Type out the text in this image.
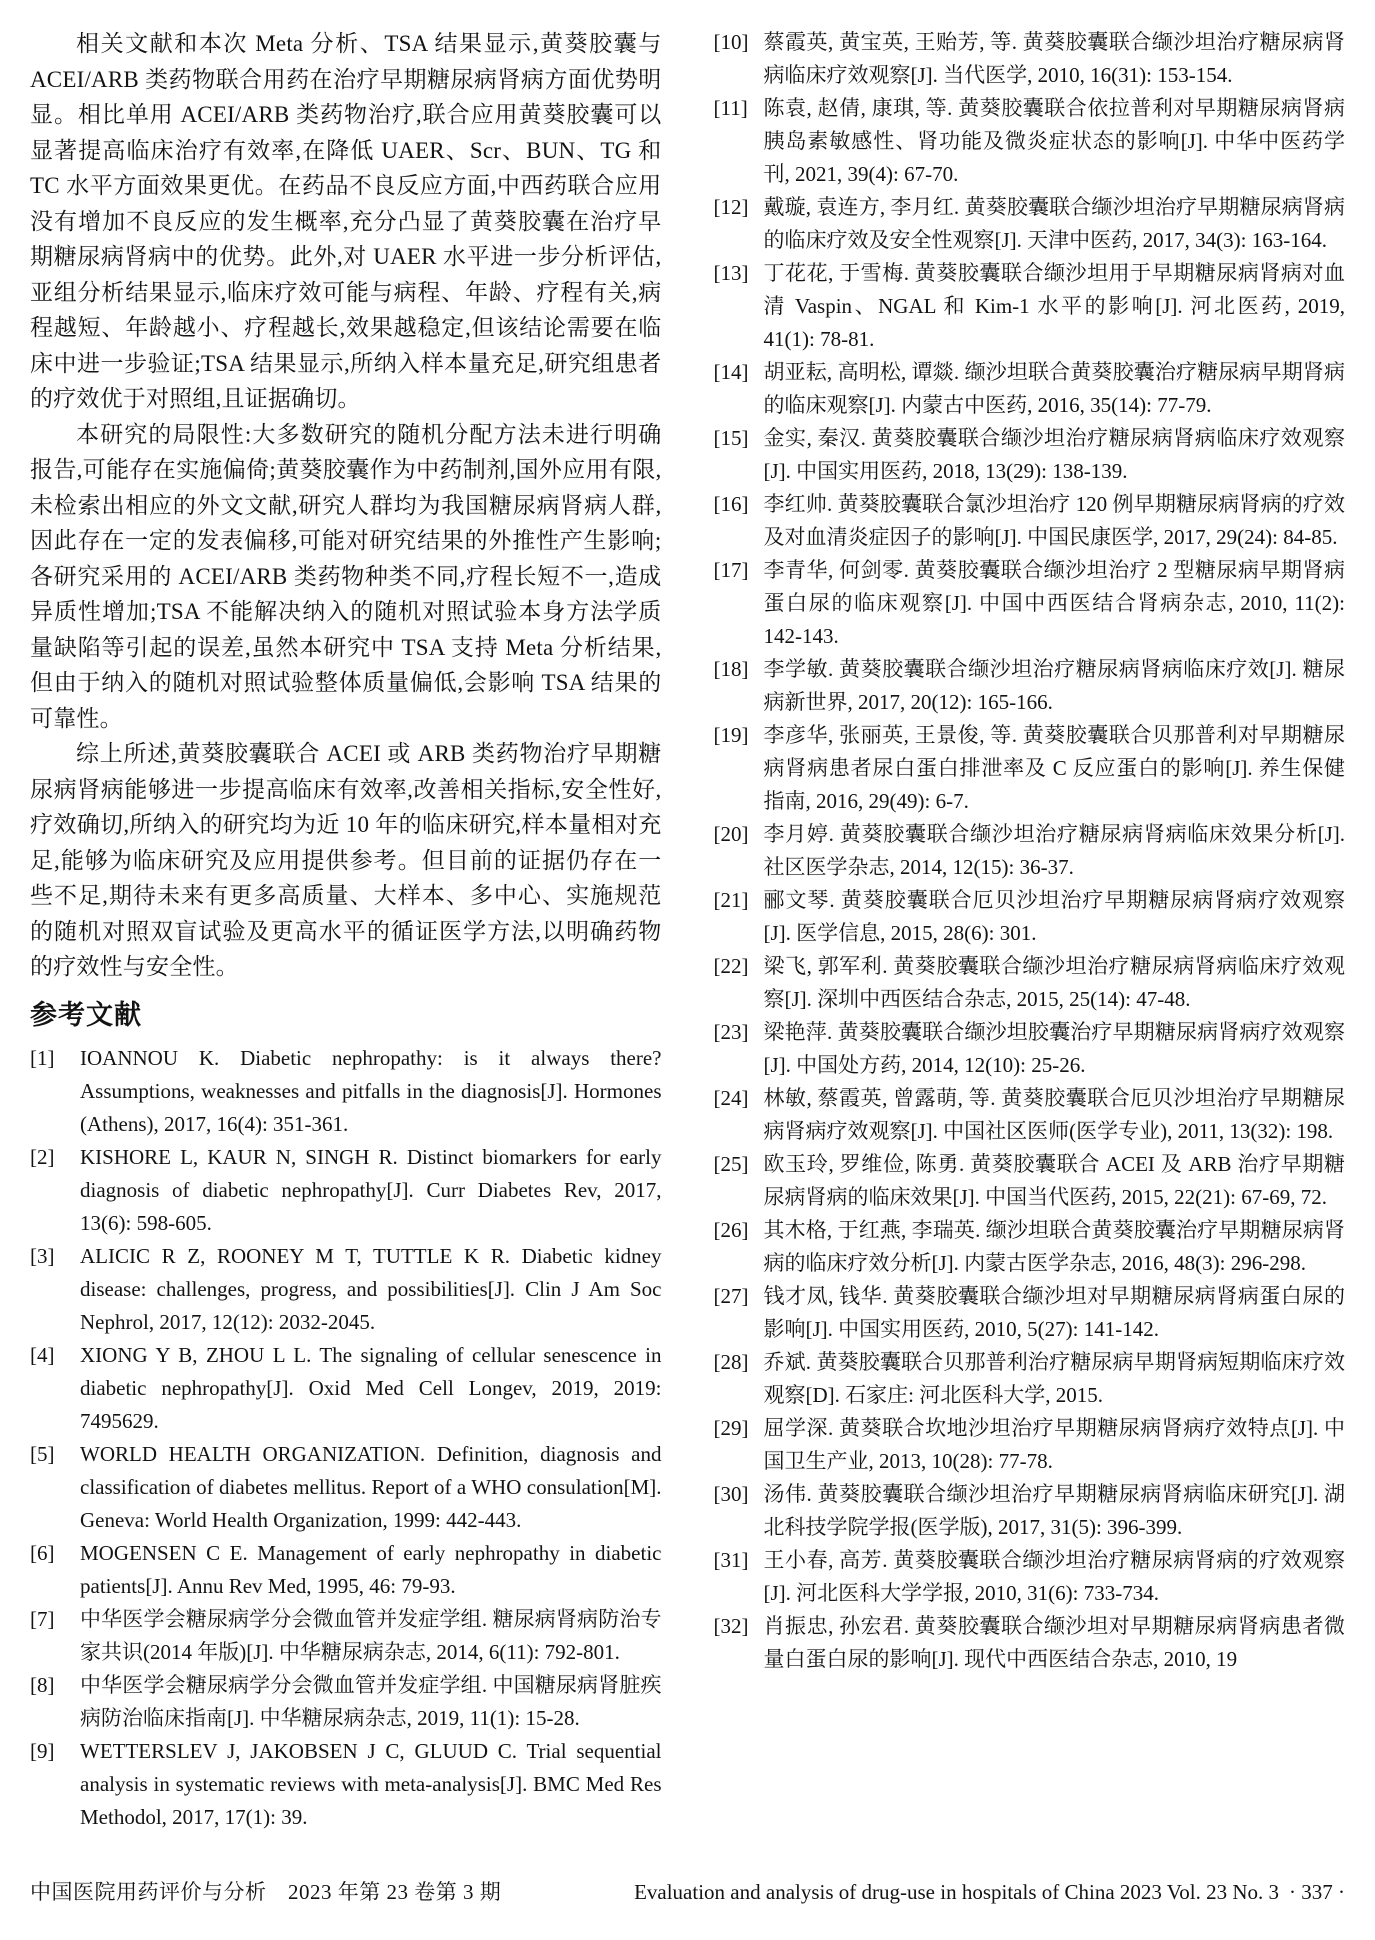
相关文献和本次 Meta 分析、TSA 结果显示,黄葵胶囊与 ACEI/ARB 类药物联合用药在治疗早期糖尿病肾病方面优势明显。相比单用 ACEI/ARB 类药物治疗,联合应用黄葵胶囊可以显著提高临床治疗有效率,在降低 UAER、Scr、BUN、TG 和 TC 水平方面效果更优。在药品不良反应方面,中西药联合应用没有增加不良反应的发生概率,充分凸显了黄葵胶囊在治疗早期糖尿病肾病中的优势。此外,对 UAER 水平进一步分析评估,亚组分析结果显示,临床疗效可能与病程、年龄、疗程有关,病程越短、年龄越小、疗程越长,效果越稳定,但该结论需要在临床中进一步验证;TSA 结果显示,所纳入样本量充足,研究组患者的疗效优于对照组,且证据确切。

本研究的局限性:大多数研究的随机分配方法未进行明确报告,可能存在实施偏倚;黄葵胶囊作为中药制剂,国外应用有限,未检索出相应的外文文献,研究人群均为我国糖尿病肾病人群,因此存在一定的发表偏移,可能对研究结果的外推性产生影响;各研究采用的 ACEI/ARB 类药物种类不同,疗程长短不一,造成异质性增加;TSA 不能解决纳入的随机对照试验本身方法学质量缺陷等引起的误差,虽然本研究中 TSA 支持 Meta 分析结果,但由于纳入的随机对照试验整体质量偏低,会影响 TSA 结果的可靠性。

综上所述,黄葵胶囊联合 ACEI 或 ARB 类药物治疗早期糖尿病肾病能够进一步提高临床有效率,改善相关指标,安全性好,疗效确切,所纳入的研究均为近 10 年的临床研究,样本量相对充足,能够为临床研究及应用提供参考。但目前的证据仍存在一些不足,期待未来有更多高质量、大样本、多中心、实施规范的随机对照双盲试验及更高水平的循证医学方法,以明确药物的疗效性与安全性。

参考文献
[1]	IOANNOU K. Diabetic nephropathy: is it always there? Assumptions, weaknesses and pitfalls in the diagnosis[J]. Hormones (Athens), 2017, 16(4): 351-361.
[2]	KISHORE L, KAUR N, SINGH R. Distinct biomarkers for early diagnosis of diabetic nephropathy[J]. Curr Diabetes Rev, 2017, 13(6): 598-605.
[3]	ALICIC R Z, ROONEY M T, TUTTLE K R. Diabetic kidney disease: challenges, progress, and possibilities[J]. Clin J Am Soc Nephrol, 2017, 12(12): 2032-2045.
[4]	XIONG Y B, ZHOU L L. The signaling of cellular senescence in diabetic nephropathy[J]. Oxid Med Cell Longev, 2019, 2019: 7495629.
[5]	WORLD HEALTH ORGANIZATION. Definition, diagnosis and classification of diabetes mellitus. Report of a WHO consulation[M]. Geneva: World Health Organization, 1999: 442-443.
[6]	MOGENSEN C E. Management of early nephropathy in diabetic patients[J]. Annu Rev Med, 1995, 46: 79-93.
[7]	中华医学会糖尿病学分会微血管并发症学组. 糖尿病肾病防治专家共识(2014 年版)[J]. 中华糖尿病杂志, 2014, 6(11): 792-801.
[8]	中华医学会糖尿病学分会微血管并发症学组. 中国糖尿病肾脏疾病防治临床指南[J]. 中华糖尿病杂志, 2019, 11(1): 15-28.
[9]	WETTERSLEV J, JAKOBSEN J C, GLUUD C. Trial sequential analysis in systematic reviews with meta-analysis[J]. BMC Med Res Methodol, 2017, 17(1): 39.
[10] 蔡霞英, 黄宝英, 王贻芳, 等. 黄葵胶囊联合缬沙坦治疗糖尿病肾病临床疗效观察[J]. 当代医学, 2010, 16(31): 153-154.
[11] 陈袁, 赵倩, 康琪, 等. 黄葵胶囊联合依拉普利对早期糖尿病肾病胰岛素敏感性、肾功能及微炎症状态的影响[J]. 中华中医药学刊, 2021, 39(4): 67-70.
[12] 戴璇, 袁连方, 李月红. 黄葵胶囊联合缬沙坦治疗早期糖尿病肾病的临床疗效及安全性观察[J]. 天津中医药, 2017, 34(3): 163-164.
[13] 丁花花, 于雪梅. 黄葵胶囊联合缬沙坦用于早期糖尿病肾病对血清 Vaspin、NGAL 和 Kim-1 水平的影响[J]. 河北医药, 2019, 41(1): 78-81.
[14] 胡亚耘, 高明松, 谭燚. 缬沙坦联合黄葵胶囊治疗糖尿病早期肾病的临床观察[J]. 内蒙古中医药, 2016, 35(14): 77-79.
[15] 金实, 秦汉. 黄葵胶囊联合缬沙坦治疗糖尿病肾病临床疗效观察[J]. 中国实用医药, 2018, 13(29): 138-139.
[16] 李红帅. 黄葵胶囊联合氯沙坦治疗 120 例早期糖尿病肾病的疗效及对血清炎症因子的影响[J]. 中国民康医学, 2017, 29(24): 84-85.
[17] 李青华, 何剑零. 黄葵胶囊联合缬沙坦治疗 2 型糖尿病早期肾病蛋白尿的临床观察[J]. 中国中西医结合肾病杂志, 2010, 11(2): 142-143.
[18] 李学敏. 黄葵胶囊联合缬沙坦治疗糖尿病肾病临床疗效[J]. 糖尿病新世界, 2017, 20(12): 165-166.
[19] 李彦华, 张丽英, 王景俊, 等. 黄葵胶囊联合贝那普利对早期糖尿病肾病患者尿白蛋白排泄率及 C 反应蛋白的影响[J]. 养生保健指南, 2016, 29(49): 6-7.
[20] 李月婷. 黄葵胶囊联合缬沙坦治疗糖尿病肾病临床效果分析[J]. 社区医学杂志, 2014, 12(15): 36-37.
[21] 郦文琴. 黄葵胶囊联合厄贝沙坦治疗早期糖尿病肾病疗效观察[J]. 医学信息, 2015, 28(6): 301.
[22] 梁飞, 郭军利. 黄葵胶囊联合缬沙坦治疗糖尿病肾病临床疗效观察[J]. 深圳中西医结合杂志, 2015, 25(14): 47-48.
[23] 梁艳萍. 黄葵胶囊联合缬沙坦胶囊治疗早期糖尿病肾病疗效观察[J]. 中国处方药, 2014, 12(10): 25-26.
[24] 林敏, 蔡霞英, 曾露萌, 等. 黄葵胶囊联合厄贝沙坦治疗早期糖尿病肾病疗效观察[J]. 中国社区医师(医学专业), 2011, 13(32): 198.
[25] 欧玉玲, 罗维俭, 陈勇. 黄葵胶囊联合 ACEI 及 ARB 治疗早期糖尿病肾病的临床效果[J]. 中国当代医药, 2015, 22(21): 67-69, 72.
[26] 其木格, 于红燕, 李瑞英. 缬沙坦联合黄葵胶囊治疗早期糖尿病肾病的临床疗效分析[J]. 内蒙古医学杂志, 2016, 48(3): 296-298.
[27] 钱才凤, 钱华. 黄葵胶囊联合缬沙坦对早期糖尿病肾病蛋白尿的影响[J]. 中国实用医药, 2010, 5(27): 141-142.
[28] 乔斌. 黄葵胶囊联合贝那普利治疗糖尿病早期肾病短期临床疗效观察[D]. 石家庄: 河北医科大学, 2015.
[29] 屈学深. 黄葵联合坎地沙坦治疗早期糖尿病肾病疗效特点[J]. 中国卫生产业, 2013, 10(28): 77-78.
[30] 汤伟. 黄葵胶囊联合缬沙坦治疗早期糖尿病肾病临床研究[J]. 湖北科技学院学报(医学版), 2017, 31(5): 396-399.
[31] 王小春, 高芳. 黄葵胶囊联合缬沙坦治疗糖尿病肾病的疗效观察[J]. 河北医科大学学报, 2010, 31(6): 733-734.
[32] 肖振忠, 孙宏君. 黄葵胶囊联合缬沙坦对早期糖尿病肾病患者微量白蛋白尿的影响[J]. 现代中西医结合杂志, 2010, 19
中国医院用药评价与分析　2023 年第 23 卷第 3 期	Evaluation and analysis of drug-use in hospitals of China 2023 Vol. 23 No. 3 · 337 ·
